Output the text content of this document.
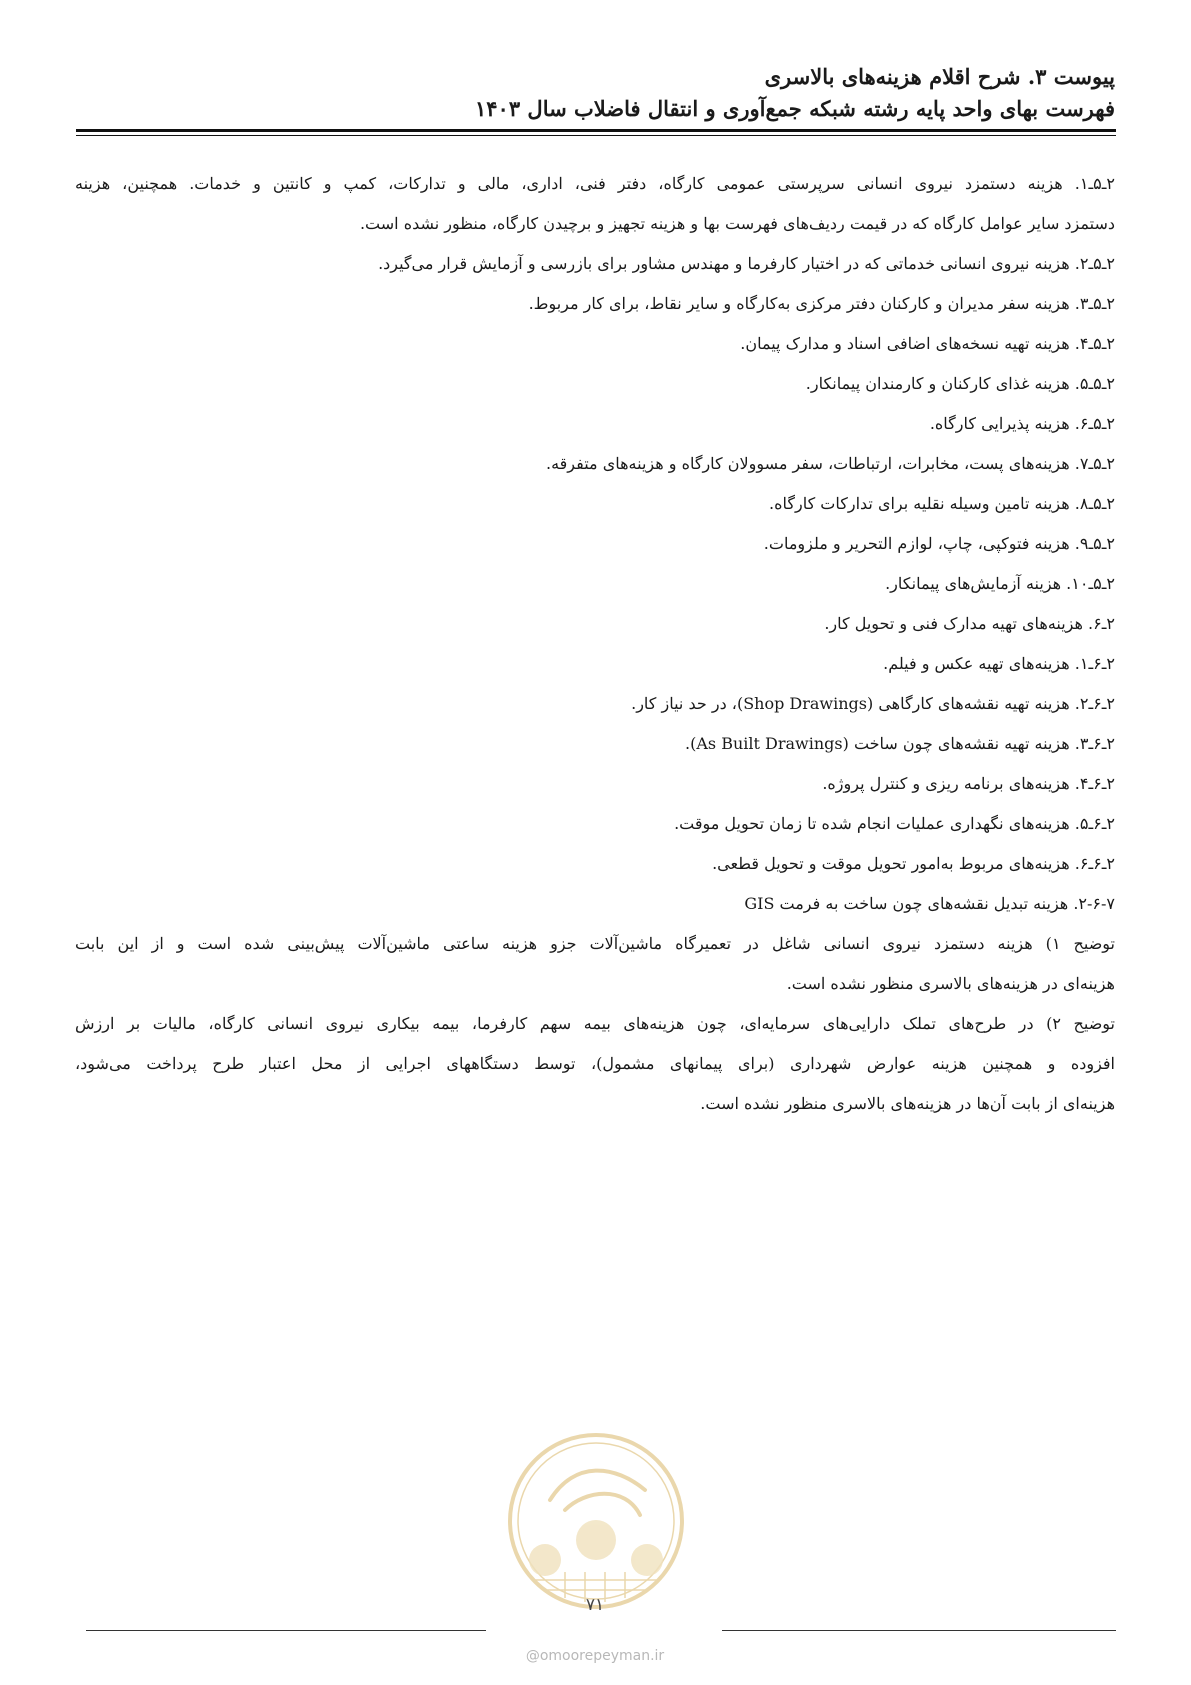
پیوست ۳. شرح اقلام هزینه‌های بالاسری
فهرست بهای واحد پایه رشته شبکه جمع‌آوری و انتقال فاضلاب سال ۱۴۰۳
۲ـ۵ـ۱. هزینه دستمزد نیروی انسانی سرپرستی عمومی کارگاه، دفتر فنی، اداری، مالی و تدارکات، کمپ و کانتین و خدمات. همچنین، هزینه
دستمزد سایر عوامل کارگاه که در قیمت ردیف‌های فهرست بها و هزینه تجهیز و برچیدن کارگاه، منظور نشده است.
۲ـ۵ـ۲. هزینه نیروی انسانی خدماتی که در اختیار کارفرما و مهندس مشاور برای بازرسی و آزمایش قرار می‌گیرد.
۲ـ۵ـ۳. هزینه سفر مدیران و کارکنان دفتر مرکزی به‌کارگاه و سایر نقاط، برای کار مربوط.
۲ـ۵ـ۴. هزینه تهیه نسخه‌های اضافی اسناد و مدارک پیمان.
۲ـ۵ـ۵. هزینه غذای کارکنان و کارمندان پیمانکار.
۲ـ۵ـ۶. هزینه پذیرایی کارگاه.
۲ـ۵ـ۷. هزینه‌های پست، مخابرات، ارتباطات، سفر مسوولان کارگاه و هزینه‌های متفرقه.
۲ـ۵ـ۸. هزینه تامین وسیله نقلیه برای تدارکات کارگاه.
۲ـ۵ـ۹. هزینه فتوکپی، چاپ، لوازم التحریر و ملزومات.
۲ـ۵ـ۱۰. هزینه آزمایش‌های پیمانکار.
۲ـ۶. هزینه‌های تهیه مدارک فنی و تحویل کار.
۲ـ۶ـ۱. هزینه‌های تهیه عکس و فیلم.
۲ـ۶ـ۲. هزینه تهیه نقشه‌های کارگاهی (Shop Drawings)، در حد نیاز کار.
۲ـ۶ـ۳. هزینه تهیه نقشه‌های چون ساخت (As Built Drawings).
۲ـ۶ـ۴. هزینه‌های برنامه ریزی و کنترل پروژه.
۲ـ۶ـ۵. هزینه‌های نگهداری عملیات انجام شده تا زمان تحویل موقت.
۲ـ۶ـ۶. هزینه‌های مربوط به‌امور تحویل موقت و تحویل قطعی.
۲-۶-۷. هزینه تبدیل نقشه‌های چون ساخت به فرمت GIS
توضیح ۱) هزینه دستمزد نیروی انسانی شاغل در تعمیرگاه ماشین‌آلات جزو هزینه ساعتی ماشین‌آلات پیش‌بینی شده است و از این بابت
هزینه‌ای در هزینه‌های بالاسری منظور نشده است.
توضیح ۲) در طرح‌های تملک دارایی‌های سرمایه‌ای، چون هزینه‌های بیمه سهم کارفرما، بیمه بیکاری نیروی انسانی کارگاه، مالیات بر ارزش
افزوده و همچنین هزینه عوارض شهرداری (برای پیمانهای مشمول)، توسط دستگاههای اجرایی از محل اعتبار طرح پرداخت می‌شود،
هزینه‌ای از بابت آن‌ها در هزینه‌های بالاسری منظور نشده است.
۷۱
@omoorepeyman.ir
